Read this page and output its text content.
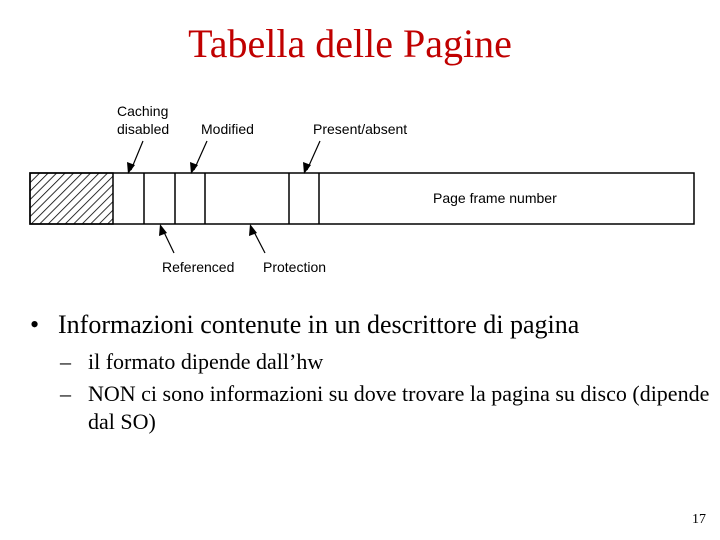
Tabella delle Pagine
Caching
disabled Modified	Present/absent
Page frame number
Referenced Protection
• Informazioni contenute in un descrittore di pagina
– il formato dipende dall’hw
– NON ci sono informazioni su dove trovare la pagina su disco (dipende dal SO)
17
